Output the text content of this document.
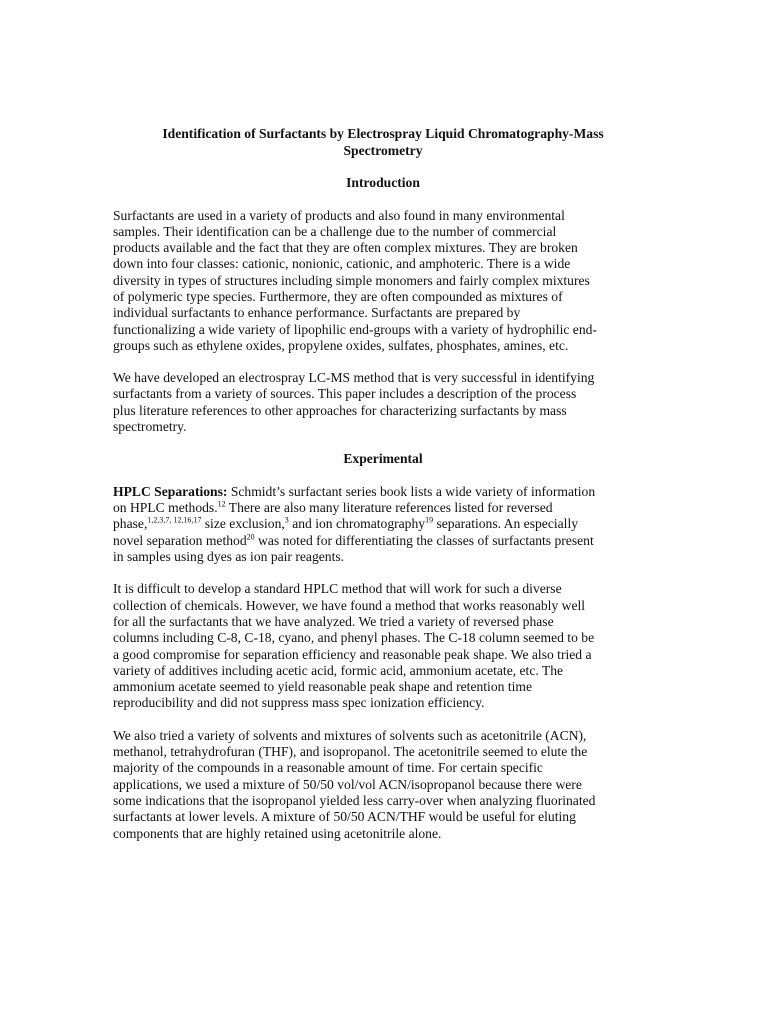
Identification of Surfactants by Electrospray Liquid Chromatography-Mass
Spectrometry
Introduction
Surfactants are used in a variety of products and also found in many environmental
samples. Their identification can be a challenge due to the number of commercial
products available and the fact that they are often complex mixtures. They are broken
down into four classes: cationic, nonionic, cationic, and amphoteric. There is a wide
diversity in types of structures including simple monomers and fairly complex mixtures
of polymeric type species. Furthermore, they are often compounded as mixtures of
individual surfactants to enhance performance. Surfactants are prepared by
functionalizing a wide variety of lipophilic end-groups with a variety of hydrophilic end-
groups such as ethylene oxides, propylene oxides, sulfates, phosphates, amines, etc.
We have developed an electrospray LC-MS method that is very successful in identifying
surfactants from a variety of sources. This paper includes a description of the process
plus literature references to other approaches for characterizing surfactants by mass
spectrometry.
Experimental
HPLC Separations: Schmidt’s surfactant series book lists a wide variety of information
on HPLC methods.$^{12}$ There are also many literature references listed for reversed
phase,$^{1,2,3,7, 12,16,17}$ size exclusion,$^3$ and ion chromatography$^{19}$ separations. An especially
novel separation method$^{20}$ was noted for differentiating the classes of surfactants present
in samples using dyes as ion pair reagents.
It is difficult to develop a standard HPLC method that will work for such a diverse
collection of chemicals. However, we have found a method that works reasonably well
for all the surfactants that we have analyzed. We tried a variety of reversed phase
columns including C-8, C-18, cyano, and phenyl phases. The C-18 column seemed to be
a good compromise for separation efficiency and reasonable peak shape. We also tried a
variety of additives including acetic acid, formic acid, ammonium acetate, etc. The
ammonium acetate seemed to yield reasonable peak shape and retention time
reproducibility and did not suppress mass spec ionization efficiency.
We also tried a variety of solvents and mixtures of solvents such as acetonitrile (ACN),
methanol, tetrahydrofuran (THF), and isopropanol. The acetonitrile seemed to elute the
majority of the compounds in a reasonable amount of time. For certain specific
applications, we used a mixture of 50/50 vol/vol ACN/isopropanol because there were
some indications that the isopropanol yielded less carry-over when analyzing fluorinated
surfactants at lower levels. A mixture of 50/50 ACN/THF would be useful for eluting
components that are highly retained using acetonitrile alone.
